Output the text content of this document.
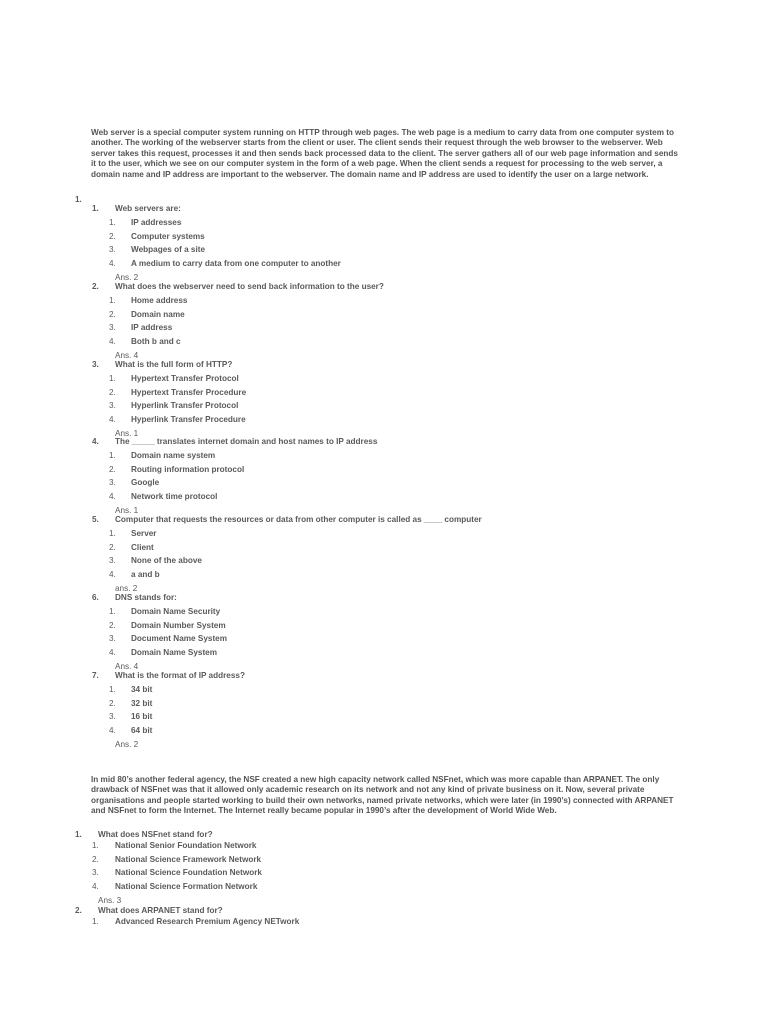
Web server is a special computer system running on HTTP through web pages. The web page is a medium to carry data from one computer system to another. The working of the webserver starts from the client or user. The client sends their request through the web browser to the webserver. Web server takes this request, processes it and then sends back processed data to the client. The server gathers all of our web page information and sends it to the user, which we see on our computer system in the form of a web page. When the client sends a request for processing to the web server, a domain name and IP address are important to the webserver. The domain name and IP address are used to identify the user on a large network.

1.
1. Web servers are:
1. IP addresses
2. Computer systems
3. Webpages of a site
4. A medium to carry data from one computer to another
Ans. 2
2. What does the webserver need to send back information to the user?
1. Home address
2. Domain name
3. IP address
4. Both b and c
Ans. 4
3. What is the full form of HTTP?
1. Hypertext Transfer Protocol
2. Hypertext Transfer Procedure
3. Hyperlink Transfer Protocol
4. Hyperlink Transfer Procedure
Ans. 1
4. The _____ translates internet domain and host names to IP address
1. Domain name system
2. Routing information protocol
3. Google
4. Network time protocol
Ans. 1
5. Computer that requests the resources or data from other computer is called as ____ computer
1. Server
2. Client
3. None of the above
4. a and b
ans. 2
6. DNS stands for:
1. Domain Name Security
2. Domain Number System
3. Document Name System
4. Domain Name System
Ans. 4
7. What is the format of IP address?
1. 34 bit
2. 32 bit
3. 16 bit
4. 64 bit
Ans. 2

In mid 80’s another federal agency, the NSF created a new high capacity network called NSFnet, which was more capable than ARPANET. The only drawback of NSFnet was that it allowed only academic research on its network and not any kind of private business on it. Now, several private organisations and people started working to build their own networks, named private networks, which were later (in 1990’s) connected with ARPANET and NSFnet to form the Internet. The Internet really became popular in 1990’s after the development of World Wide Web.

1. What does NSFnet stand for?
1. National Senior Foundation Network
2. National Science Framework Network
3. National Science Foundation Network
4. National Science Formation Network
Ans. 3
2. What does ARPANET stand for?
1. Advanced Research Premium Agency NETwork
